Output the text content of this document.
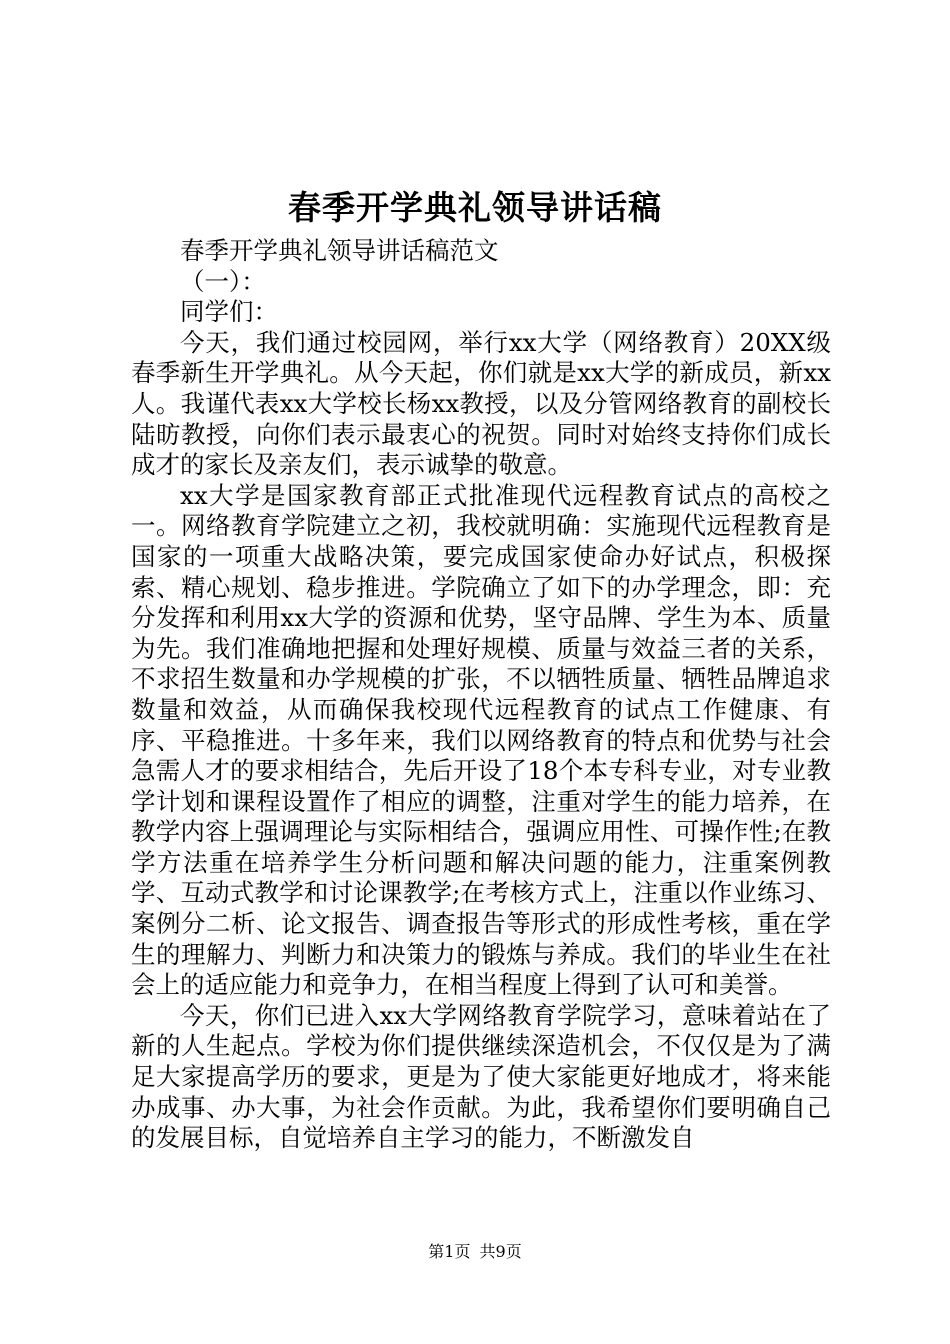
春季开学典礼领导讲话稿

春季开学典礼领导讲话稿范文

（一）：

同学们：

今天，我们通过校园网，举行xx大学（网络教育）20XX级春季新生开学典礼。从今天起，你们就是xx大学的新成员，新xx人。我谨代表xx大学校长杨xx教授，以及分管网络教育的副校长陆昉教授，向你们表示最衷心的祝贺。同时对始终支持你们成长成才的家长及亲友们，表示诚挚的敬意。

xx大学是国家教育部正式批准现代远程教育试点的高校之一。网络教育学院建立之初，我校就明确：实施现代远程教育是国家的一项重大战略决策，要完成国家使命办好试点，积极探索、精心规划、稳步推进。学院确立了如下的办学理念，即：充分发挥和利用xx大学的资源和优势，坚守品牌、学生为本、质量为先。我们准确地把握和处理好规模、质量与效益三者的关系，不求招生数量和办学规模的扩张，不以牺牲质量、牺牲品牌追求数量和效益，从而确保我校现代远程教育的试点工作健康、有序、平稳推进。十多年来，我们以网络教育的特点和优势与社会急需人才的要求相结合，先后开设了18个本专科专业，对专业教学计划和课程设置作了相应的调整，注重对学生的能力培养，在教学内容上强调理论与实际相结合，强调应用性、可操作性;在教学方法重在培养学生分析问题和解决问题的能力，注重案例教学、互动式教学和讨论课教学;在考核方式上，注重以作业练习、案例分二析、论文报告、调查报告等形式的形成性考核，重在学生的理解力、判断力和决策力的锻炼与养成。我们的毕业生在社会上的适应能力和竞争力，在相当程度上得到了认可和美誉。

今天，你们已进入xx大学网络教育学院学习，意味着站在了新的人生起点。学校为你们提供继续深造机会，不仅仅是为了满足大家提高学历的要求，更是为了使大家能更好地成才，将来能办成事、办大事，为社会作贡献。为此，我希望你们要明确自己的发展目标，自觉培养自主学习的能力，不断激发自

第1页 共9页
